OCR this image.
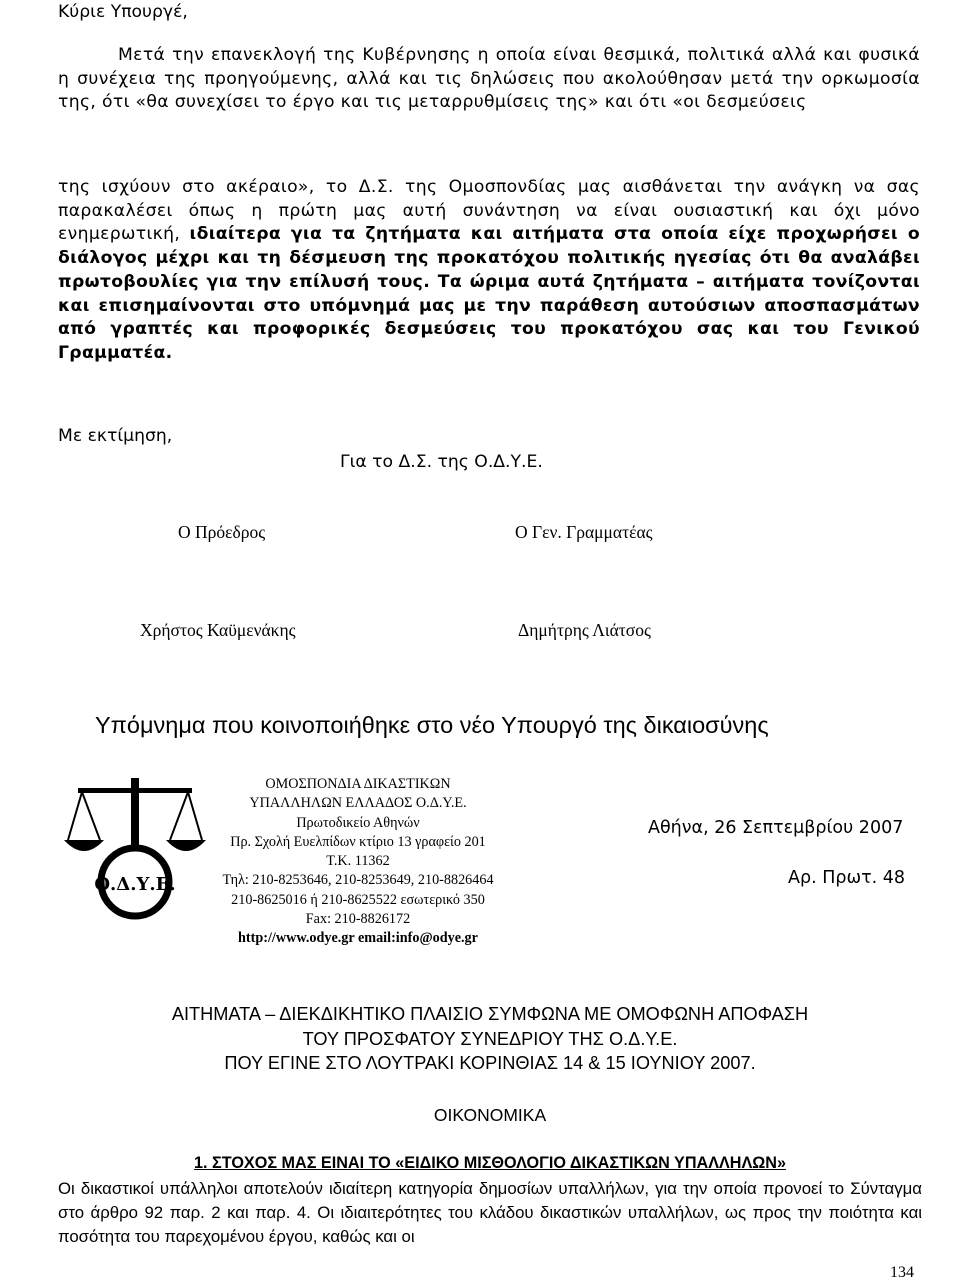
Κύριε Υπουργέ,
Μετά την επανεκλογή της Κυβέρνησης η οποία είναι θεσμικά, πολιτικά αλλά και φυσικά η συνέχεια της προηγούμενης, αλλά και τις δηλώσεις που ακολούθησαν μετά την ορκωμοσία της, ότι «θα συνεχίσει το έργο και τις μεταρρυθμίσεις της» και ότι «οι δεσμεύσεις
της ισχύουν στο ακέραιο», το Δ.Σ. της Ομοσπονδίας μας αισθάνεται την ανάγκη να σας παρακαλέσει όπως η πρώτη μας αυτή συνάντηση να είναι ουσιαστική και όχι μόνο ενημερωτική, ιδιαίτερα για τα ζητήματα και αιτήματα στα οποία είχε προχωρήσει ο διάλογος μέχρι και τη δέσμευση της προκατόχου πολιτικής ηγεσίας ότι θα αναλάβει πρωτοβουλίες για την επίλυσή τους. Τα ώριμα αυτά ζητήματα – αιτήματα τονίζονται και επισημαίνονται στο υπόμνημά μας με την παράθεση αυτούσιων αποσπασμάτων από γραπτές και προφορικές δεσμεύσεις του προκατόχου σας και του Γενικού Γραμματέα.
Με εκτίμηση,
Για το Δ.Σ. της Ο.Δ.Υ.Ε.
Ο Πρόεδρος	Ο Γεν. Γραμματέας
Χρήστος Καϋμενάκης	Δημήτρης Λιάτσος
Υπόμνημα που κοινοποιήθηκε στο νέο Υπουργό της δικαιοσύνης
Ο.Δ.Υ.Ε.
ΟΜΟΣΠΟΝΔΙΑ ΔΙΚΑΣΤΙΚΩΝ
ΥΠΑΛΛΗΛΩΝ ΕΛΛΑΔΟΣ Ο.Δ.Υ.Ε.
Πρωτοδικείο Αθηνών
Πρ. Σχολή Ευελπίδων κτίριο 13 γραφείο 201
Τ.Κ. 11362
Τηλ: 210-8253646, 210-8253649, 210-8826464
210-8625016 ή 210-8625522 εσωτερικό 350
Fax: 210-8826172
http://www.odye.gr email:info@odye.gr
Αθήνα, 26 Σεπτεμβρίου 2007
Αρ. Πρωτ. 48
ΑΙΤΗΜΑΤΑ – ΔΙΕΚΔΙΚΗΤΙΚΟ ΠΛΑΙΣΙΟ ΣΥΜΦΩΝΑ ΜΕ ΟΜΟΦΩΝΗ ΑΠΟΦΑΣΗ
ΤΟΥ ΠΡΟΣΦΑΤΟΥ ΣΥΝΕΔΡΙΟΥ ΤΗΣ Ο.Δ.Υ.Ε.
ΠΟΥ ΕΓΙΝΕ ΣΤΟ ΛΟΥΤΡΑΚΙ ΚΟΡΙΝΘΙΑΣ 14 & 15 ΙΟΥΝΙΟΥ 2007.
ΟΙΚΟΝΟΜΙΚΑ
1. ΣΤΟΧΟΣ ΜΑΣ ΕΙΝΑΙ ΤΟ «ΕΙΔΙΚΟ ΜΙΣΘΟΛΟΓΙΟ ΔΙΚΑΣΤΙΚΩΝ ΥΠΑΛΛΗΛΩΝ»
Οι δικαστικοί υπάλληλοι αποτελούν ιδιαίτερη κατηγορία δημοσίων υπαλλήλων, για την οποία προνοεί το Σύνταγμα στο άρθρο 92 παρ. 2 και παρ. 4. Οι ιδιαιτερότητες του κλάδου δικαστικών υπαλλήλων, ως προς την ποιότητα και ποσότητα του παρεχομένου έργου, καθώς και οι
134
